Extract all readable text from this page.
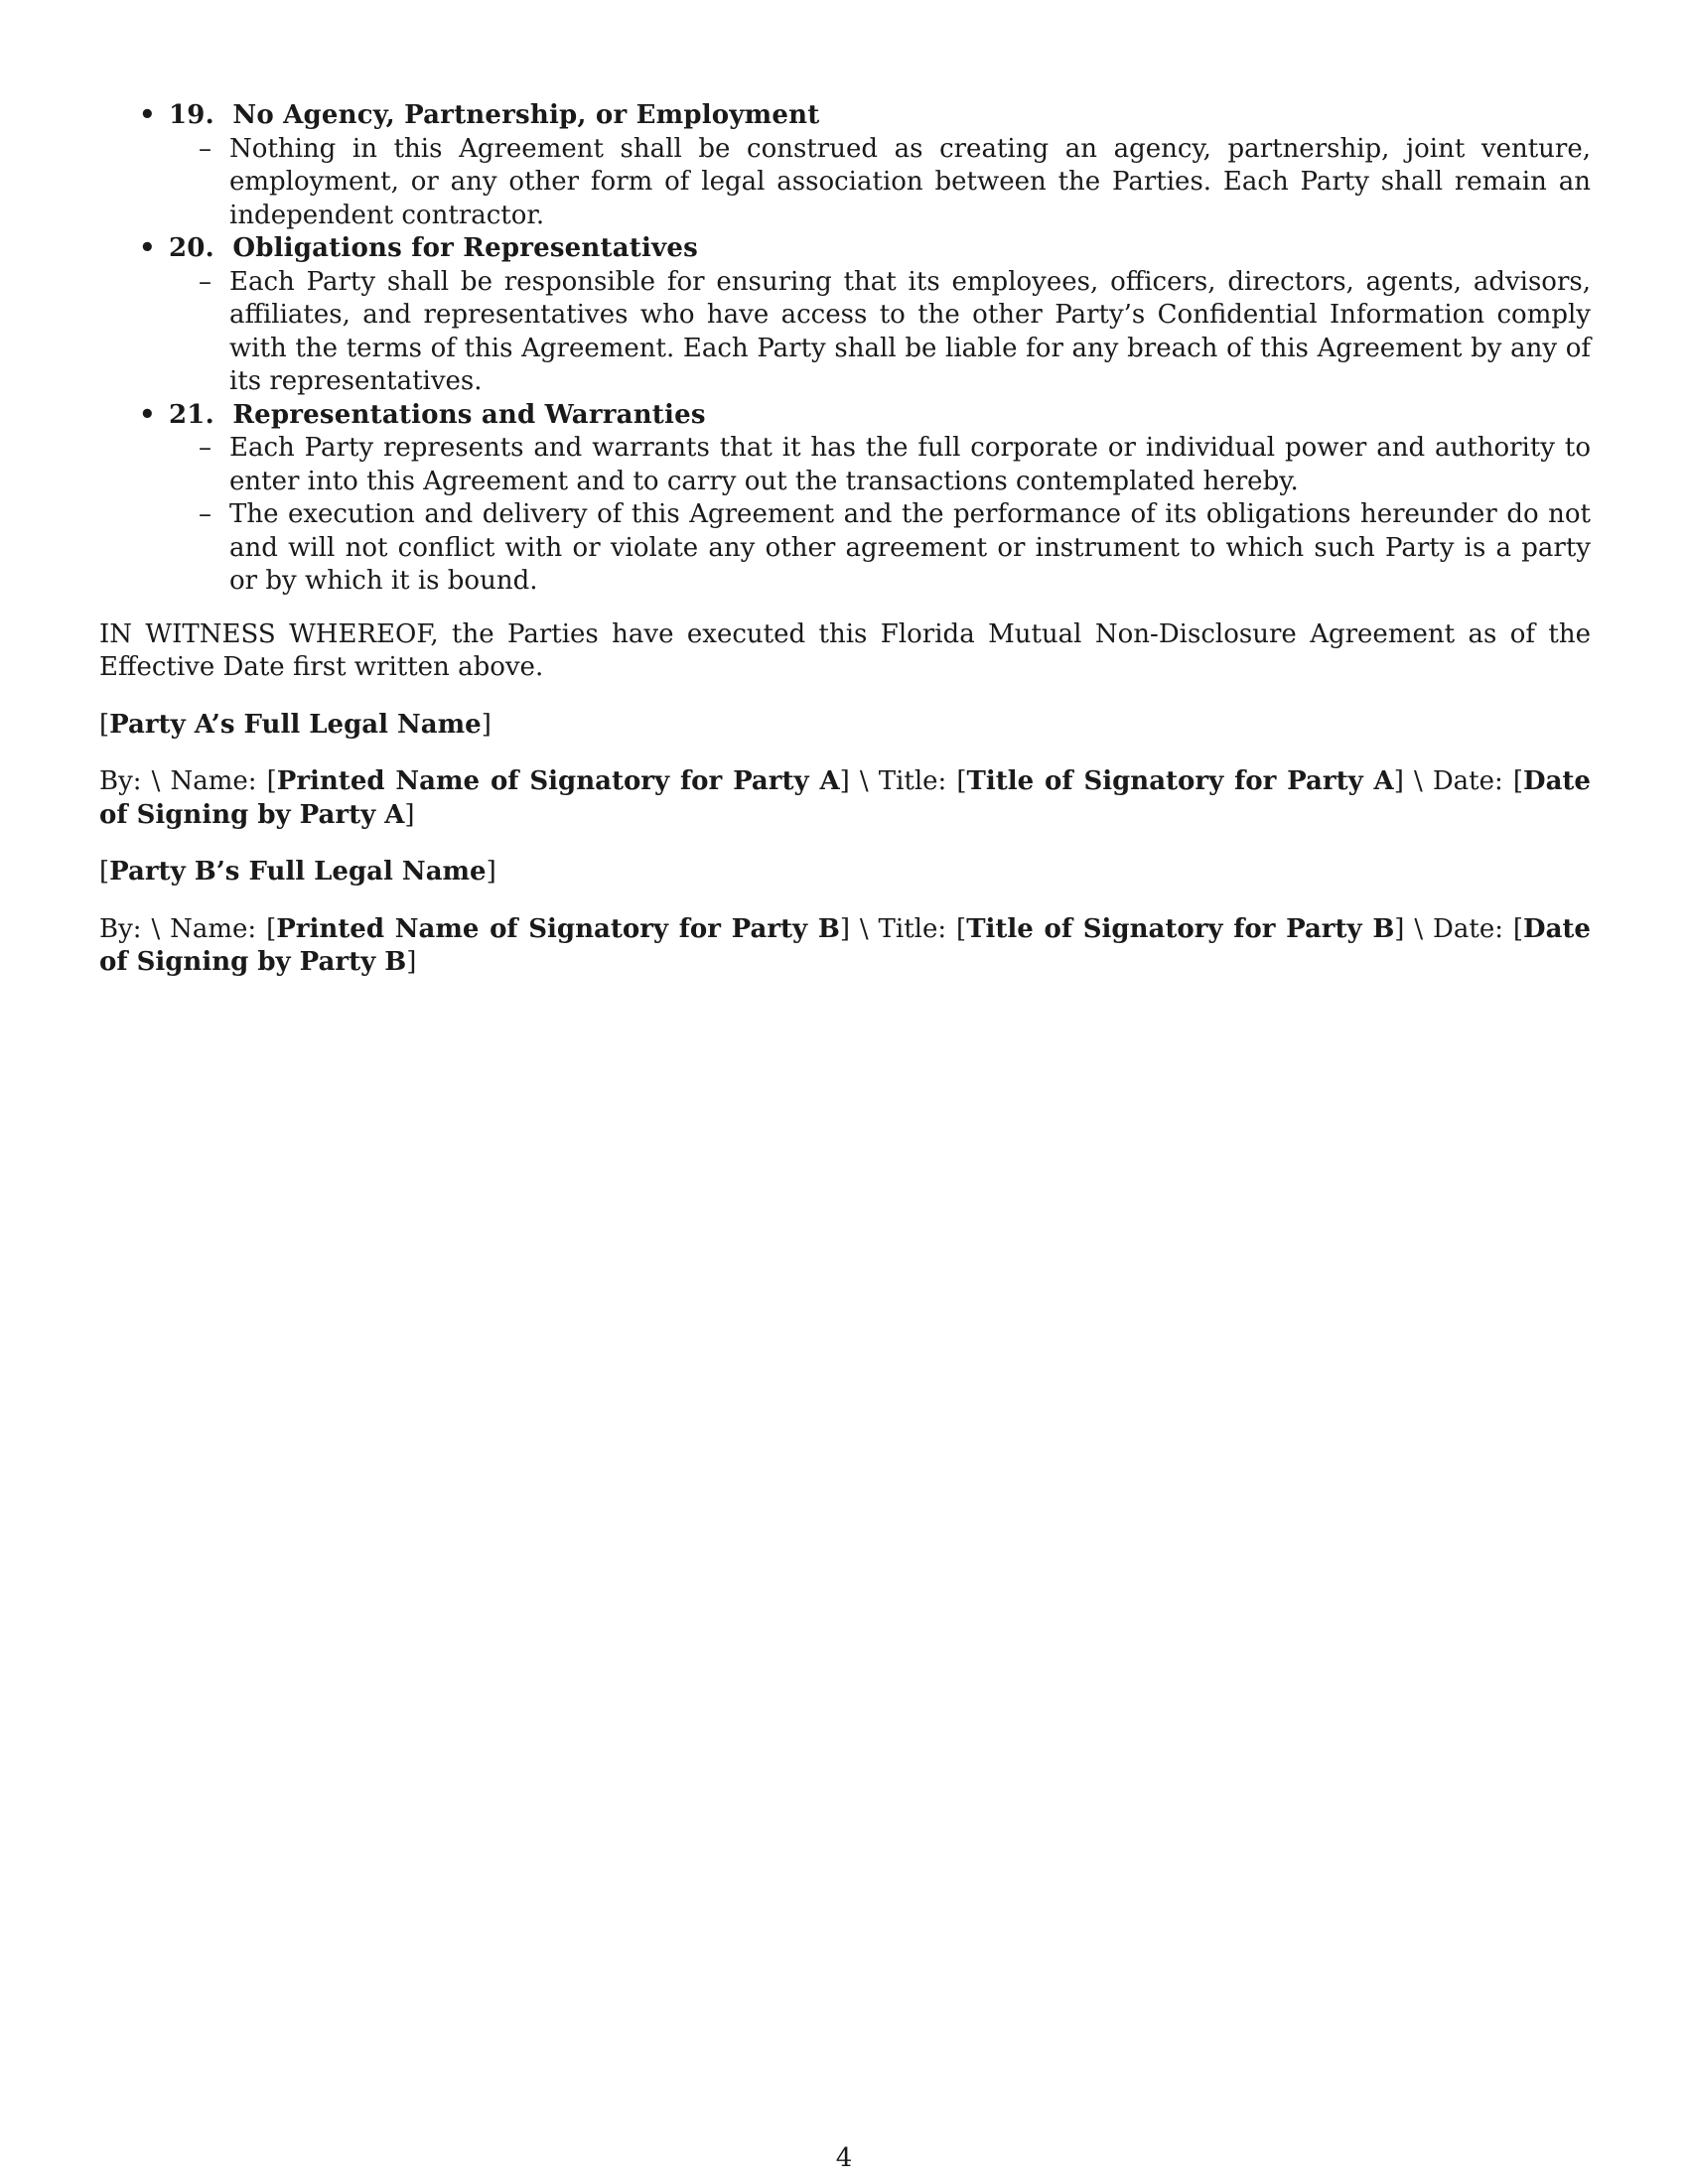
• 19. No Agency, Partnership, or Employment
– Nothing in this Agreement shall be construed as creating an agency, partnership, joint venture, employment, or any other form of legal association between the Parties. Each Party shall remain an independent contractor.
• 20. Obligations for Representatives
– Each Party shall be responsible for ensuring that its employees, officers, directors, agents, advisors, affiliates, and representatives who have access to the other Party’s Confidential Information comply with the terms of this Agreement. Each Party shall be liable for any breach of this Agreement by any of its representatives.
• 21. Representations and Warranties
– Each Party represents and warrants that it has the full corporate or individual power and authority to enter into this Agreement and to carry out the transactions contemplated hereby.
– The execution and delivery of this Agreement and the performance of its obligations hereunder do not and will not conflict with or violate any other agreement or instrument to which such Party is a party or by which it is bound.

IN WITNESS WHEREOF, the Parties have executed this Florida Mutual Non-Disclosure Agreement as of the Effective Date first written above.

[Party A’s Full Legal Name]

By: \ Name: [Printed Name of Signatory for Party A] \ Title: [Title of Signatory for Party A] \ Date: [Date of Signing by Party A]

[Party B’s Full Legal Name]

By: \ Name: [Printed Name of Signatory for Party B] \ Title: [Title of Signatory for Party B] \ Date: [Date of Signing by Party B]

4
